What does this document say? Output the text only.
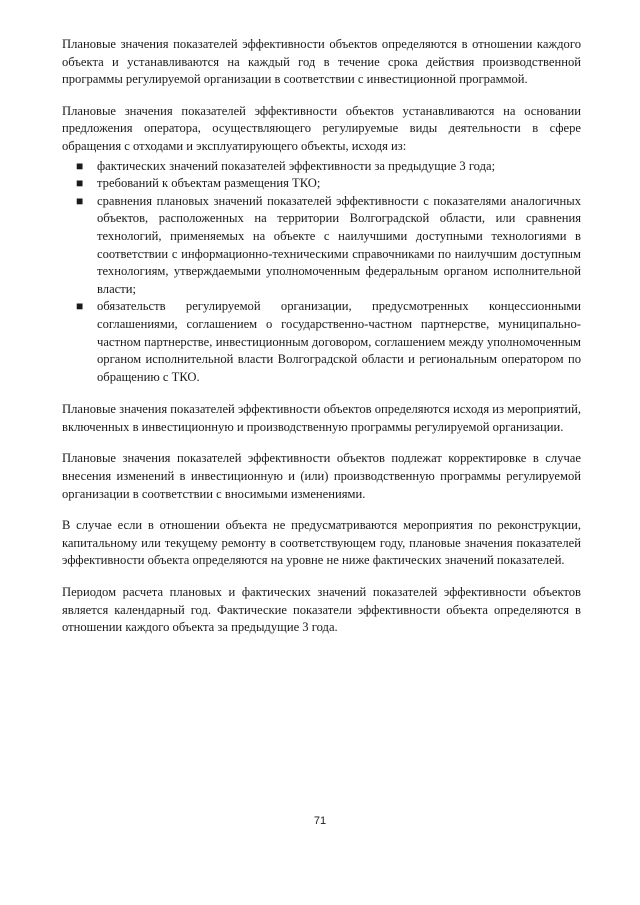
Плановые значения показателей эффективности объектов определяются в отношении каждого объекта и устанавливаются на каждый год в течение срока действия производственной программы регулируемой организации в соответствии с инвестиционной программой.

Плановые значения показателей эффективности объектов устанавливаются на основании предложения оператора, осуществляющего регулируемые виды деятельности в сфере обращения с отходами и эксплуатирующего объекты, исходя из:

■ фактических значений показателей эффективности за предыдущие 3 года;
■ требований к объектам размещения ТКО;
■ сравнения плановых значений показателей эффективности с показателями аналогичных объектов, расположенных на территории Волгоградской области, или сравнения технологий, применяемых на объекте с наилучшими доступными технологиями в соответствии с информационно-техническими справочниками по наилучшим доступным технологиям, утверждаемыми уполномоченным федеральным органом исполнительной власти;
■ обязательств регулируемой организации, предусмотренных концессионными соглашениями, соглашением о государственно-частном партнерстве, муниципально-частном партнерстве, инвестиционным договором, соглашением между уполномоченным органом исполнительной власти Волгоградской области и региональным оператором по обращению с ТКО.

Плановые значения показателей эффективности объектов определяются исходя из мероприятий, включенных в инвестиционную и производственную программы регулируемой организации.

Плановые значения показателей эффективности объектов подлежат корректировке в случае внесения изменений в инвестиционную и (или) производственную программы регулируемой организации в соответствии с вносимыми изменениями.

В случае если в отношении объекта не предусматриваются мероприятия по реконструкции, капитальному или текущему ремонту в соответствующем году, плановые значения показателей эффективности объекта определяются на уровне не ниже фактических значений показателей.

Периодом расчета плановых и фактических значений показателей эффективности объектов является календарный год. Фактические показатели эффективности объекта определяются в отношении каждого объекта за предыдущие 3 года.

71
